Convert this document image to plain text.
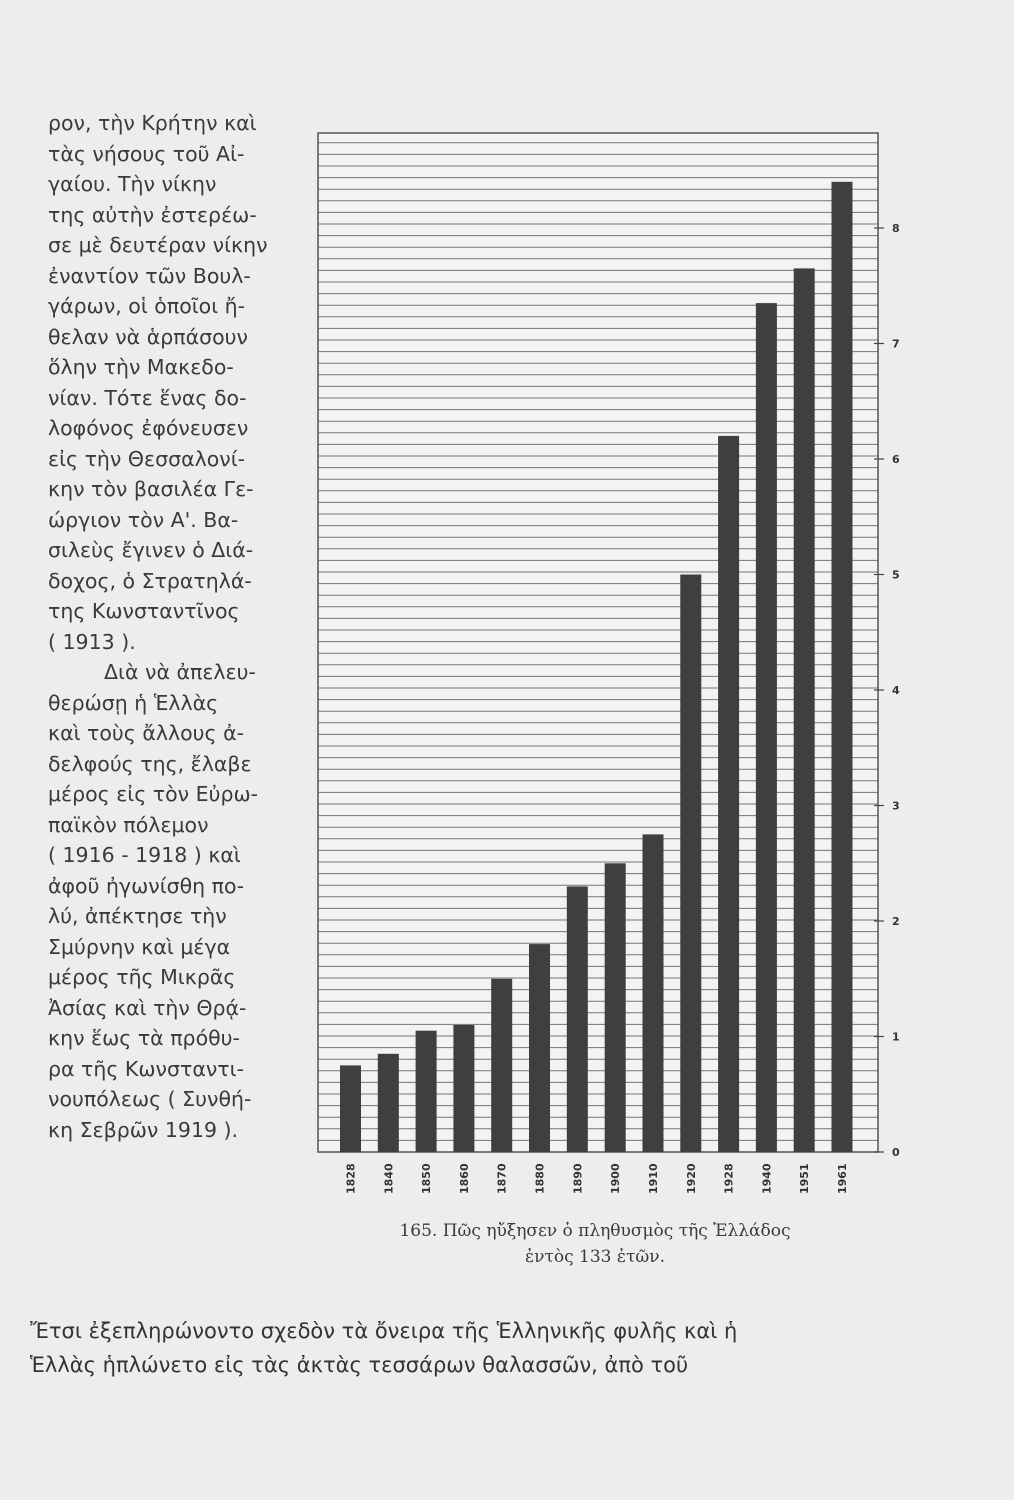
ρον, τὴν Κρήτην καὶ
τὰς νήσους τοῦ Αἰ-
γαίου. Τὴν νίκην
της αὐτὴν ἐστερέω-
σε μὲ δευτέραν νίκην
ἐναντίον τῶν Βουλ-
γάρων, οἱ ὁποῖοι ἤ-
θελαν νὰ ἁρπάσουν
ὅλην τὴν Μακεδο-
νίαν. Τότε ἕνας δο-
λοφόνος ἐφόνευσεν
εἰς τὴν Θεσσαλονί-
κην τὸν βασιλέα Γε-
ώργιον τὸν Α'. Βα-
σιλεὺς ἔγινεν ὁ Διά-
δοχος, ὁ Στρατηλά-
της Κωνσταντῖνος
( 1913 ).
Διὰ νὰ ἀπελευ-
θερώσῃ ἡ Ἑλλὰς
καὶ τοὺς ἄλλους ἀ-
δελφούς της, ἔλαβε
μέρος εἰς τὸν Εὐρω-
παϊκὸν πόλεμον
( 1916 - 1918 ) καὶ
ἀφοῦ ἠγωνίσθη πο-
λύ, ἀπέκτησε τὴν
Σμύρνην καὶ μέγα
μέρος τῆς Μικρᾶς
Ἀσίας καὶ τὴν Θρᾴ-
κην ἕως τὰ πρόθυ-
ρα τῆς Κωνσταντι-
νουπόλεως ( Συνθή-
κη Σεβρῶν 1919 ).
0
1
2
3
4
5
6
7
8
1828 1840 1850 1860 1870 1880 1890 1900 1910 1920 1928 1940 1951 1961
165. Πῶς ηὔξησεν ὁ πληθυσμὸς τῆς Ἑλλάδος
ἐντὸς 133 ἐτῶν.
Ἔτσι ἐξεπληρώνοντο σχεδὸν τὰ ὄνειρα τῆς Ἑλληνικῆς φυλῆς καὶ ἡ
Ἑλλὰς ἡπλώνετο εἰς τὰς ἀκτὰς τεσσάρων θαλασσῶν, ἀπὸ τοῦ
